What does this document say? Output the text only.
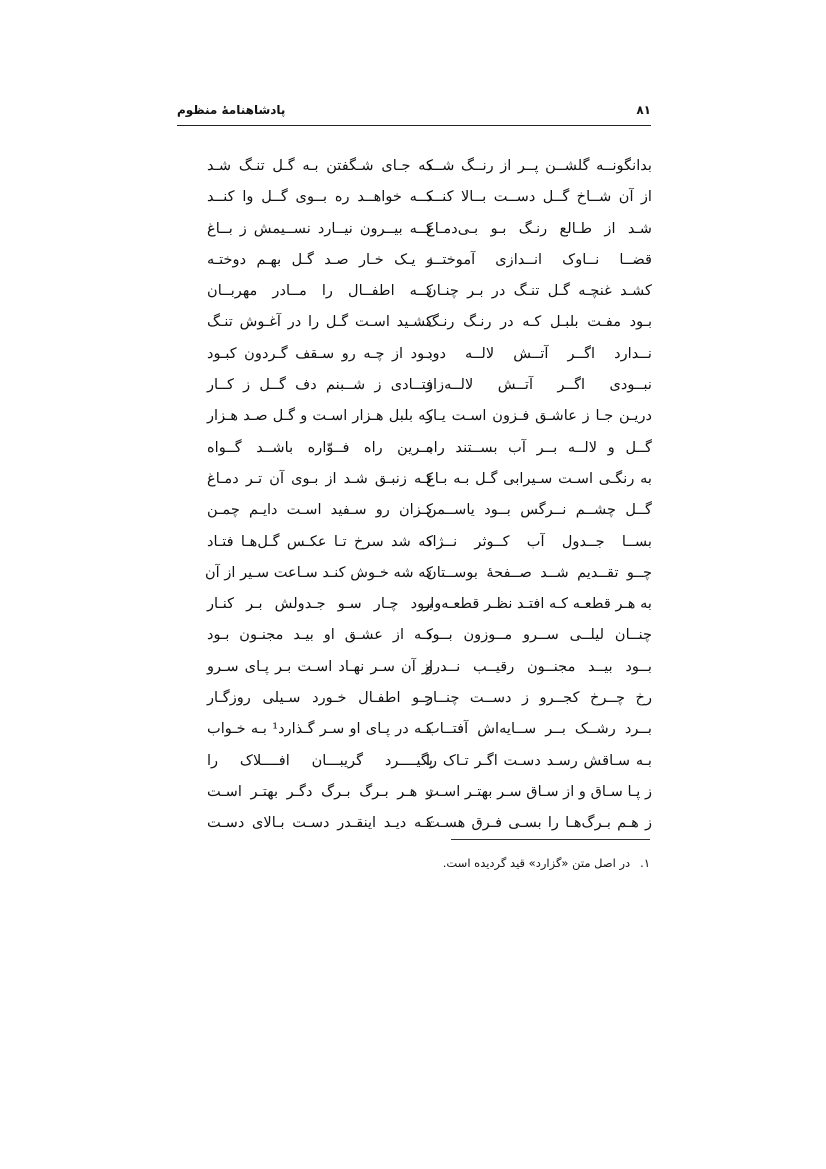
پادشاهنامهٔ منظوم	۸۱
بدانگونــه گلشــن پــر از رنــگ شــد
از آن شــاخ گــل دســت بــالا کنــد
شـد از طـالع رنـگ بـو بـی‌دمـاغ
قضــا نــاوک انــدازی آموختــه
کشـد غنچـه گـل تنـگ در بـر چنـان
بـود مفـت بلبـل کـه در رنـگ رنـگ
نــدارد اگــر آتــش لالــه دود
نبــودی اگــر آتــش لالــه‌زار
دریـن جـا ز عاشـق فـزون اسـت یـار
گــل و لالــه بــر آب بســتند راه
به رنگـی اسـت سـیرابی گـل بـه بـاغ
گــل چشــم نــرگس بــود یاســمن
بســا جــدول آب کــوثر نــژاد
چــو تقــدیم شــد صــفحهٔ بوســتان
به هـر قطعـه کـه افتـد نظـر قطعـه‌وار
چنــان لیلــی ســرو مــوزون بــود
بــود بیــد مجنــون رقیــب نــدرو
رخ چــرخ کجــرو ز دســت چنــار
بــرد رشــک بــر ســایه‌اش آفتــاب
بـه سـاقش رسـد دسـت اگـر تـاک را
ز پـا سـاق و از سـاق سـر بهتـر اسـت
ز هـم بـرگ‌هـا را بسـی فـرق هسـت
که جـای شـگفتن بـه گـل تنـگ شـد
کــه خواهــد ره بــوی گــل وا کنــد
کــه بیــرون نیــارد نســیمش ز بــاغ
ز یـک خـار صـد گـل بهـم دوختـه
کــه اطفــال را مــادر مهربــان
کشـید اسـت گـل را در آغـوش تنـگ
بـود از چـه رو سـقف گـردون کبـود
فتــادی ز شــبنم دف گــل ز کــار
که بلبل هـزار اسـت و گـل صـد هـزار
بــرین راه فــوّاره باشــد گــواه
کـه زنبـق شـد از بـوی آن تـر دمـاغ
کـزان رو سـفید اسـت دایـم چمـن
که شد سرخ تـا عکـس گـل‌هـا فتـاد
که شه خـوش کنـد سـاعت سـیر از آن
بـود چـار سـو جـدولش بـر کنـار
کـه از عشـق او بیـد مجنـون بـود
از آن سـر نهـاد اسـت بـر پـای سـرو
چـو اطفـال خـورد سـیلی روزگـار
کـه در پـای او سـر گـذارد¹ بـه خـواب
بگیــــرد گریبـــان افــــلاک را
ز هـر بـرگ بـرگ دگـر بهتـر اسـت
کـه دیـد اینقـدر دسـت بـالای دسـت
۱.در اصل متن «گزارد» قید گردیده است.
